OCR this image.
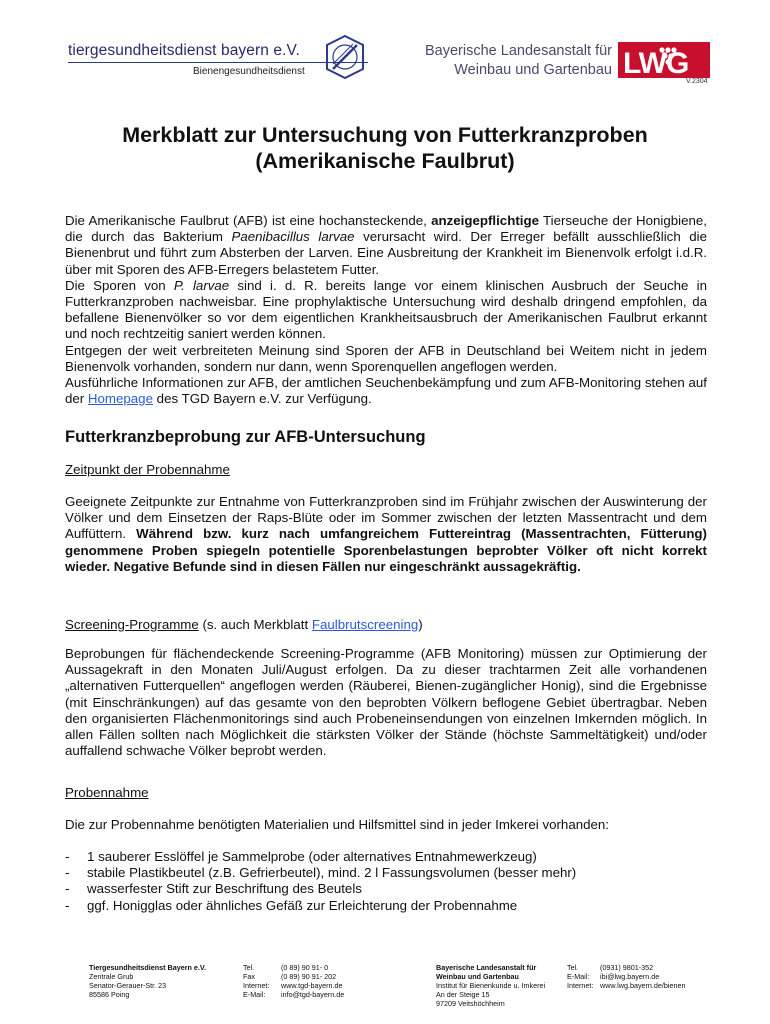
tiergesundheitsdienst bayern e.V.
Bienengesundheitsdienst
Bayerische Landesanstalt für
Weinbau und Gartenbau LWG
V.2304
Merkblatt zur Untersuchung von Futterkranzproben
(Amerikanische Faulbrut)

Die Amerikanische Faulbrut (AFB) ist eine hochansteckende, anzeigepflichtige Tierseuche der Honigbiene, die durch das Bakterium Paenibacillus larvae verursacht wird. Der Erreger befällt ausschließlich die Bienenbrut und führt zum Absterben der Larven. Eine Ausbreitung der Krankheit im Bienenvolk erfolgt i.d.R. über mit Sporen des AFB-Erregers belastetem Futter.

Die Sporen von P. larvae sind i. d. R. bereits lange vor einem klinischen Ausbruch der Seuche in Futterkranzproben nachweisbar. Eine prophylaktische Untersuchung wird deshalb dringend empfohlen, da befallene Bienenvölker so vor dem eigentlichen Krankheitsausbruch der Amerikanischen Faulbrut erkannt und noch rechtzeitig saniert werden können.

Entgegen der weit verbreiteten Meinung sind Sporen der AFB in Deutschland bei Weitem nicht in jedem Bienenvolk vorhanden, sondern nur dann, wenn Sporenquellen angeflogen werden.

Ausführliche Informationen zur AFB, der amtlichen Seuchenbekämpfung und zum AFB-Monitoring stehen auf der Homepage des TGD Bayern e.V. zur Verfügung.

Futterkranzbeprobung zur AFB-Untersuchung
Zeitpunkt der Probennahme
Geeignete Zeitpunkte zur Entnahme von Futterkranzproben sind im Frühjahr zwischen der Auswinterung der Völker und dem Einsetzen der Raps-Blüte oder im Sommer zwischen der letzten Massentracht und dem Auffüttern. Während bzw. kurz nach umfangreichem Futtereintrag (Massentrachten, Fütterung) genommene Proben spiegeln potentielle Sporenbelastungen beprobter Völker oft nicht korrekt wieder. Negative Befunde sind in diesen Fällen nur eingeschränkt aussagekräftig.
Screening-Programme (s. auch Merkblatt Faulbrutscreening)
Beprobungen für flächendeckende Screening-Programme (AFB Monitoring) müssen zur Optimierung der Aussagekraft in den Monaten Juli/August erfolgen. Da zu dieser trachtarmen Zeit alle vorhandenen „alternativen Futterquellen“ angeflogen werden (Räuberei, Bienen-zugänglicher Honig), sind die Ergebnisse (mit Einschränkungen) auf das gesamte von den beprobten Völkern beflogene Gebiet übertragbar. Neben den organisierten Flächenmonitorings sind auch Probeneinsendungen von einzelnen Imkernden möglich. In allen Fällen sollten nach Möglichkeit die stärksten Völker der Stände (höchste Sammeltätigkeit) und/oder auffallend schwache Völker beprobt werden.
Probennahme
Die zur Probennahme benötigten Materialien und Hilfsmittel sind in jeder Imkerei vorhanden:
- 1 sauberer Esslöffel je Sammelprobe (oder alternatives Entnahmewerkzeug)
- stabile Plastikbeutel (z.B. Gefrierbeutel), mind. 2 l Fassungsvolumen (besser mehr)
- wasserfester Stift zur Beschriftung des Beutels
- ggf. Honigglas oder ähnliches Gefäß zur Erleichterung der Probennahme
Tiergesundheitsdienst Bayern e.V.
Zentrale Grub
Senator-Gerauer-Str. 23
85586 Poing
Tel.
Fax
Internet:
E-Mail:
(0 89) 90 91- 0
(0 89) 90 91- 202
www.tgd-bayern.de
info@tgd-bayern.de
Bayerische Landesanstalt für
Weinbau und Gartenbau
Institut für Bienenkunde u. Imkerei
An der Steige 15
97209 Veitshöchheim
Tel.
E-Mail:
Internet:
(0931) 9801-352
ibi@lwg.bayern.de
www.lwg.bayern.de/bienen
